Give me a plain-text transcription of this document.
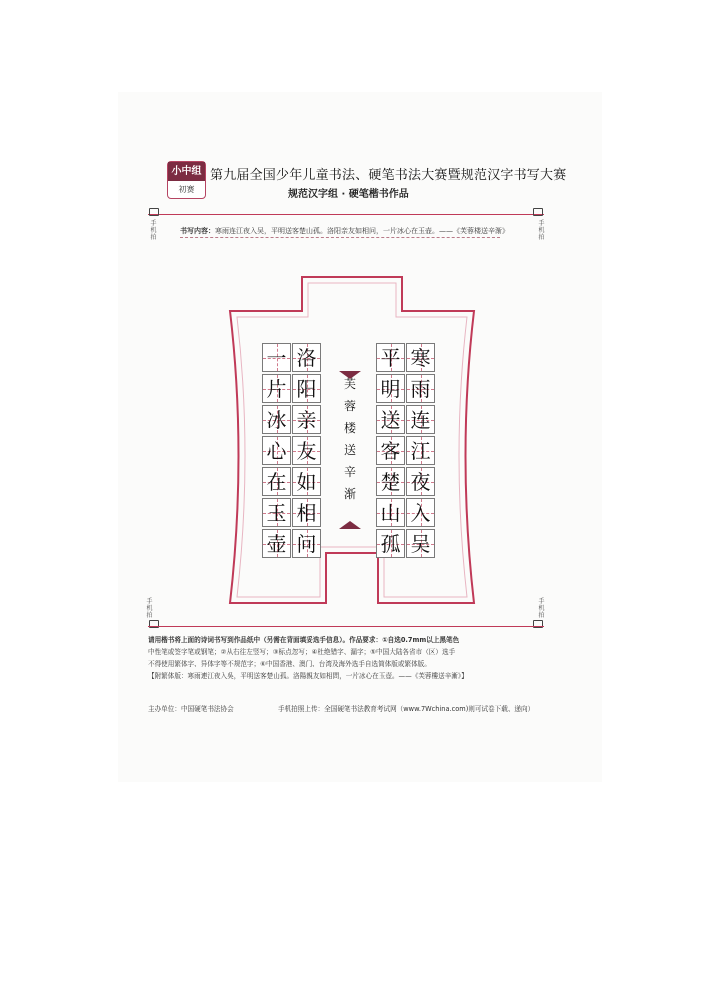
小中组
初赛
第九届全国少年儿童书法、硬笔书法大赛暨规范汉字书写大赛
规范汉字组 · 硬笔楷书作品
手机拍
手机拍
书写内容：寒雨连江夜入吴，平明送客楚山孤。洛阳亲友如相问，一片冰心在玉壶。——《芙蓉楼送辛渐》
寒
雨
连
江
夜
入
吴
平
明
送
客
楚
山
孤
洛
阳
亲
友
如
相
问
一
片
冰
心
在
玉
壶
芙
蓉
楼
送
辛
渐
手机拍
手机拍
请用楷书将上面的诗词书写到作品纸中（另需在背面填妥选手信息）。作品要求：①自选0.7mm以上黑笔色
中性笔或签字笔或钢笔；②从右往左竖写；③标点忽写；④杜绝错字、漏字；⑤中国大陆各省市（区）选手
不得使用繁体字、异体字等不规范字；⑥中国香港、澳门、台湾及海外选手自选简体版或繁体版。
【附繁体版：寒雨連江夜入吳，平明送客楚山孤。洛陽親友如相問，一片冰心在玉壺。——《芙蓉樓送辛漸》】
主办单位：中国硬笔书法协会	手机拍照上传：全国硬笔书法教育考试网（www.7Wchina.com)则可试卷下载、递向）
